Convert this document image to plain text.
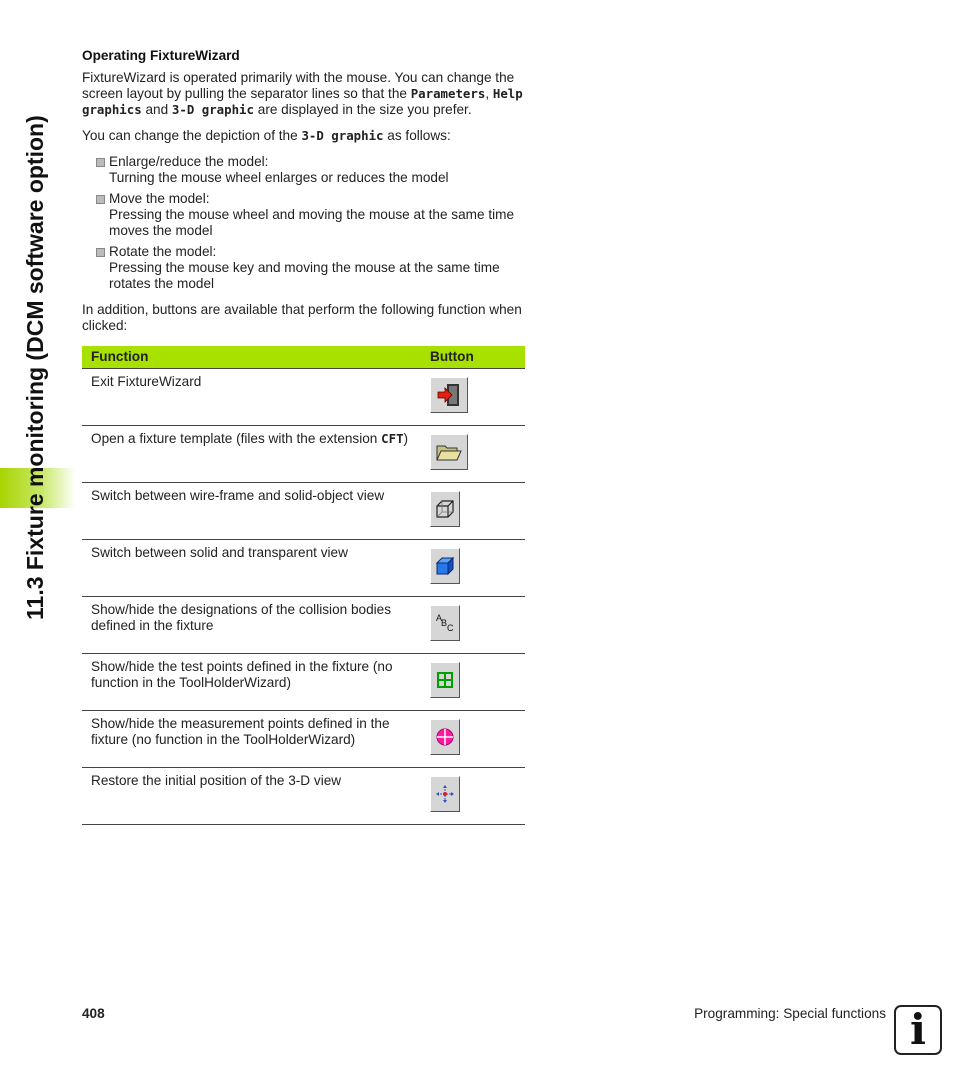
11.3 Fixture monitoring (DCM software option)
Operating FixtureWizard

FixtureWizard is operated primarily with the mouse. You can change the screen layout by pulling the separator lines so that the Parameters, Help graphics and 3-D graphic are displayed in the size you prefer.

You can change the depiction of the 3-D graphic as follows:

Enlarge/reduce the model:
Turning the mouse wheel enlarges or reduces the model
Move the model:
Pressing the mouse wheel and moving the mouse at the same time moves the model
Rotate the model:
Pressing the mouse key and moving the mouse at the same time rotates the model

In addition, buttons are available that perform the following function when clicked:

Function	Button
Exit FixtureWizard	

Open a fixture template (files with the extension CFT)	

Switch between wire-frame and solid-object view	

Switch between solid and transparent view	

Show/hide the designations of the collision bodies defined in the fixture	A
B C

Show/hide the test points defined in the fixture (no function in the ToolHolderWizard)	

Show/hide the measurement points defined in the fixture (no function in the ToolHolderWizard)	

Restore the initial position of the 3-D view	
408	Programming: Special functions i
